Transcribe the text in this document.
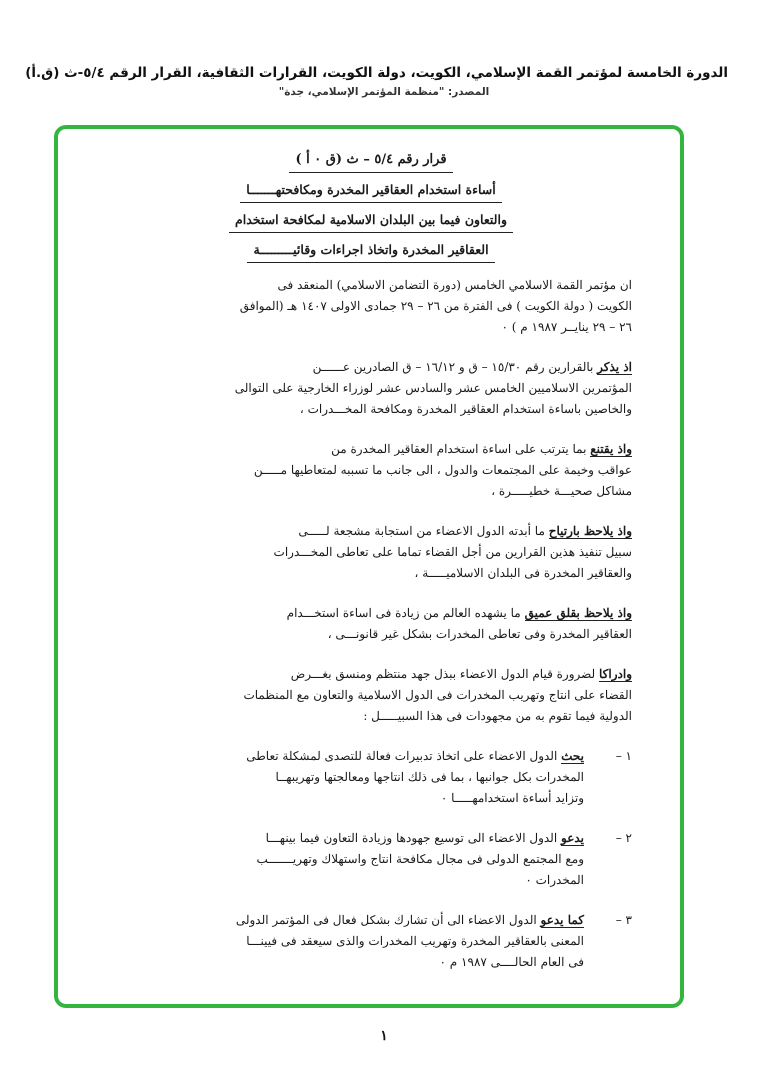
الدورة الخامسة لمؤتمر القمة الإسلامي، الكويت، دولة الكويت، القرارات الثقافية، القرار الرقم ٥/٤-ث (ق.أ)
المصدر: "منظمة المؤتمر الإسلامي، جدة"
قرار رقم ٥/٤ – ث (ق ٠ أ )
أساءة استخدام العقاقير المخدرة ومكافحتهـــــــا
والتعاون فيما بين البلدان الاسلامية لمكافحة استخدام
العقاقير المخدرة واتخاذ اجراءات وقائيـــــــــة
ان مؤتمر القمة الاسلامي الخامس (دورة التضامن الاسلامي) المنعقد فى
الكويت ( دولة الكويت ) فى الفترة من ٢٦ – ٢٩ جمادى الاولى ١٤٠٧ هـ (الموافق
٢٦ – ٢٩ ينايــر ١٩٨٧ م ) ٠
اذ يذكر بالقرارين رقم ١٥/٣٠ – ق و ١٦/١٢ – ق الصادرين عــــــن
المؤتمرين الاسلاميين الخامس عشر والسادس عشر لوزراء الخارجية على التوالى
والخاصين باساءة استخدام العقاقير المخدرة ومكافحة المخـــدرات ،
واذ يقتنع بما يترتب على اساءة استخدام العقاقير المخدرة من
عواقب وخيمة على المجتمعات والدول ، الى جانب ما تسببه لمتعاطيها مـــــن
مشاكل صحيـــة خطيـــــرة ،
واذ يلاحظ بارتياح ما أبدته الدول الاعضاء من استجابة مشجعة لـــــى
سبيل تنفيذ هذين القرارين من أجل القضاء تماما على تعاطى المخـــدرات
والعقاقير المخدرة فى البلدان الاسلاميـــــة ،
واذ يلاحظ بقلق عميق ما يشهده العالم من زيادة فى اساءة استخـــدام
العقاقير المخدرة وفى تعاطى المخدرات بشكل غير قانونـــى ،
وادراكا لضرورة قيام الدول الاعضاء ببذل جهد منتظم ومنسق بغـــرض
القضاء على انتاج وتهريب المخدرات فى الدول الاسلامية والتعاون مع المنظمات
الدولية فيما تقوم به من مجهودات فى هذا السبيـــــل :
١ –
يحث الدول الاعضاء على اتخاذ تدبيرات فعالة للتصدى لمشكلة تعاطى
المخدرات بكل جوانبها ، بما فى ذلك انتاجها ومعالجتها وتهريبهــا
وتزايد أساءة استخدامهـــــا ٠
٢ –
يدعو الدول الاعضاء الى توسيع جهودها وزيادة التعاون فيما بينهـــا
ومع المجتمع الدولى فى مجال مكافحة انتاج واستهلاك وتهريـــــــب
المخدرات ٠
٣ –
كما يدعو الدول الاعضاء الى أن تشارك بشكل فعال فى المؤتمر الدولى
المعنى بالعقاقير المخدرة وتهريب المخدرات والذى سيعقد فى فيينـــا
فى العام الحالــــى ١٩٨٧ م ٠
١
